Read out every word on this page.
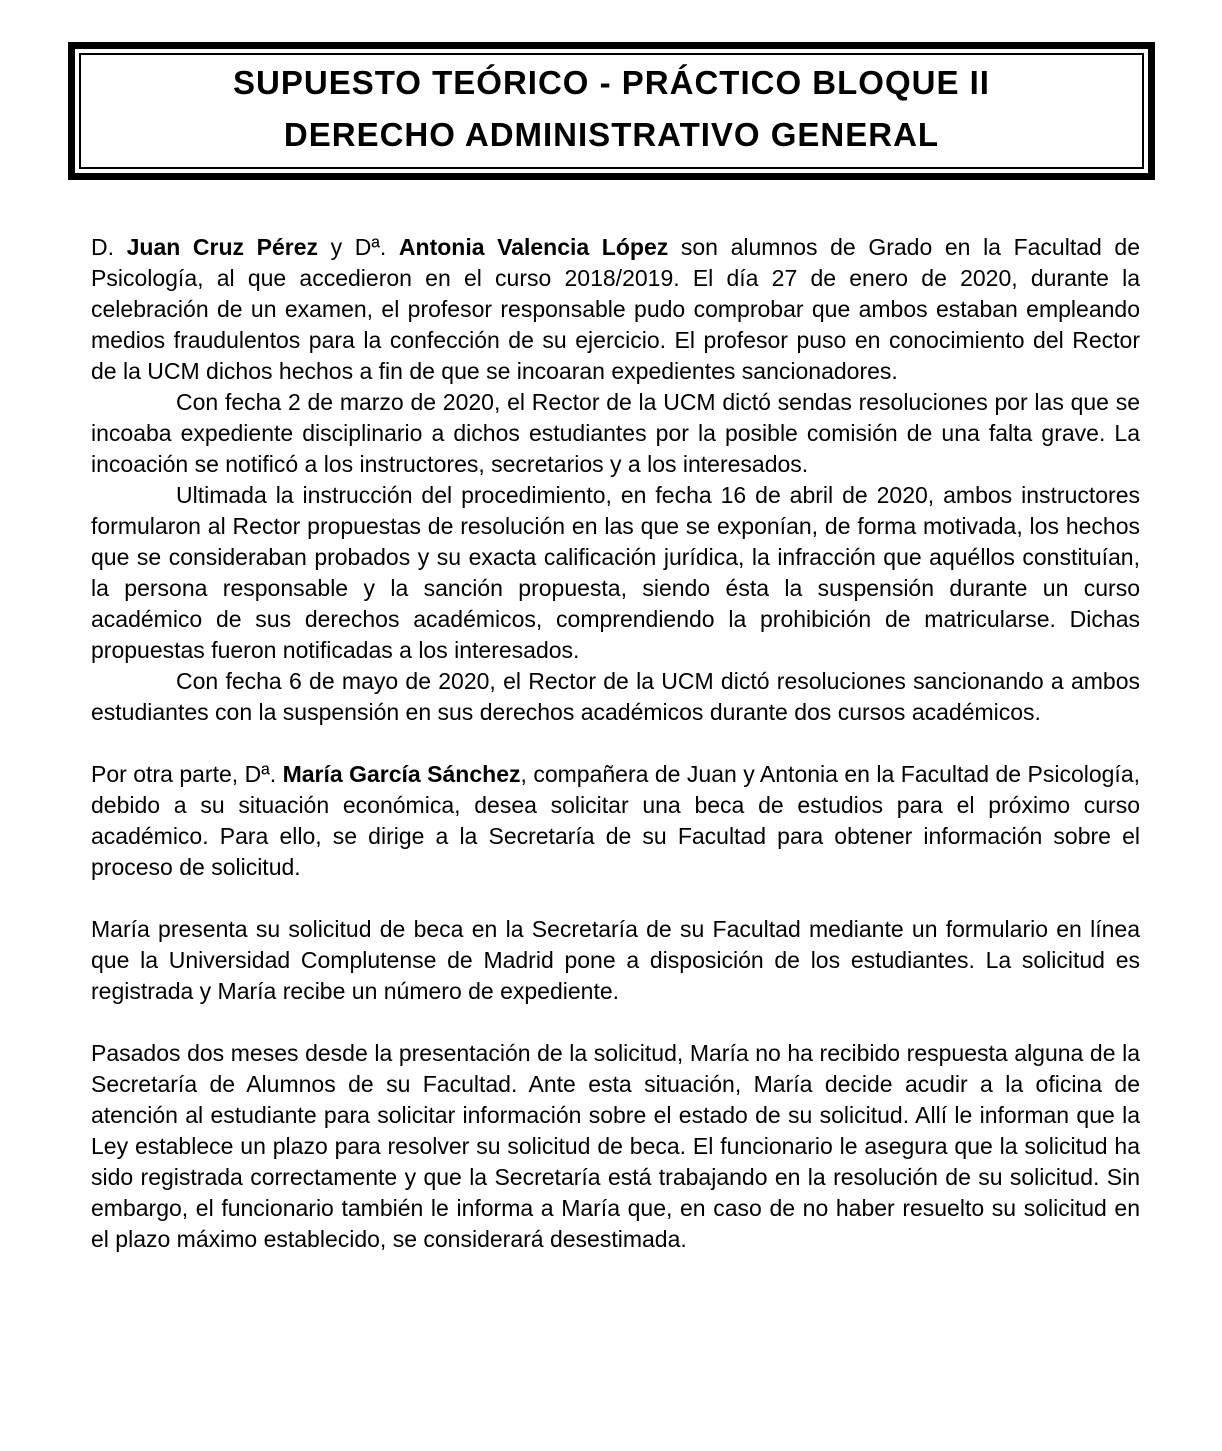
SUPUESTO TEÓRICO - PRÁCTICO BLOQUE II
DERECHO ADMINISTRATIVO GENERAL

D. Juan Cruz Pérez y Dª. Antonia Valencia López son alumnos de Grado en la Facultad de Psicología, al que accedieron en el curso 2018/2019. El día 27 de enero de 2020, durante la celebración de un examen, el profesor responsable pudo comprobar que ambos estaban empleando medios fraudulentos para la confección de su ejercicio. El profesor puso en conocimiento del Rector de la UCM dichos hechos a fin de que se incoaran expedientes sancionadores.

Con fecha 2 de marzo de 2020, el Rector de la UCM dictó sendas resoluciones por las que se incoaba expediente disciplinario a dichos estudiantes por la posible comisión de una falta grave. La incoación se notificó a los instructores, secretarios y a los interesados.

Ultimada la instrucción del procedimiento, en fecha 16 de abril de 2020, ambos instructores formularon al Rector propuestas de resolución en las que se exponían, de forma motivada, los hechos que se consideraban probados y su exacta calificación jurídica, la infracción que aquéllos constituían, la persona responsable y la sanción propuesta, siendo ésta la suspensión durante un curso académico de sus derechos académicos, comprendiendo la prohibición de matricularse. Dichas propuestas fueron notificadas a los interesados.

Con fecha 6 de mayo de 2020, el Rector de la UCM dictó resoluciones sancionando a ambos estudiantes con la suspensión en sus derechos académicos durante dos cursos académicos.

Por otra parte, Dª. María García Sánchez, compañera de Juan y Antonia en la Facultad de Psicología, debido a su situación económica, desea solicitar una beca de estudios para el próximo curso académico. Para ello, se dirige a la Secretaría de su Facultad para obtener información sobre el proceso de solicitud.

María presenta su solicitud de beca en la Secretaría de su Facultad mediante un formulario en línea que la Universidad Complutense de Madrid pone a disposición de los estudiantes. La solicitud es registrada y María recibe un número de expediente.

Pasados dos meses desde la presentación de la solicitud, María no ha recibido respuesta alguna de la Secretaría de Alumnos de su Facultad. Ante esta situación, María decide acudir a la oficina de atención al estudiante para solicitar información sobre el estado de su solicitud. Allí le informan que la Ley establece un plazo para resolver su solicitud de beca. El funcionario le asegura que la solicitud ha sido registrada correctamente y que la Secretaría está trabajando en la resolución de su solicitud. Sin embargo, el funcionario también le informa a María que, en caso de no haber resuelto su solicitud en el plazo máximo establecido, se considerará desestimada.
